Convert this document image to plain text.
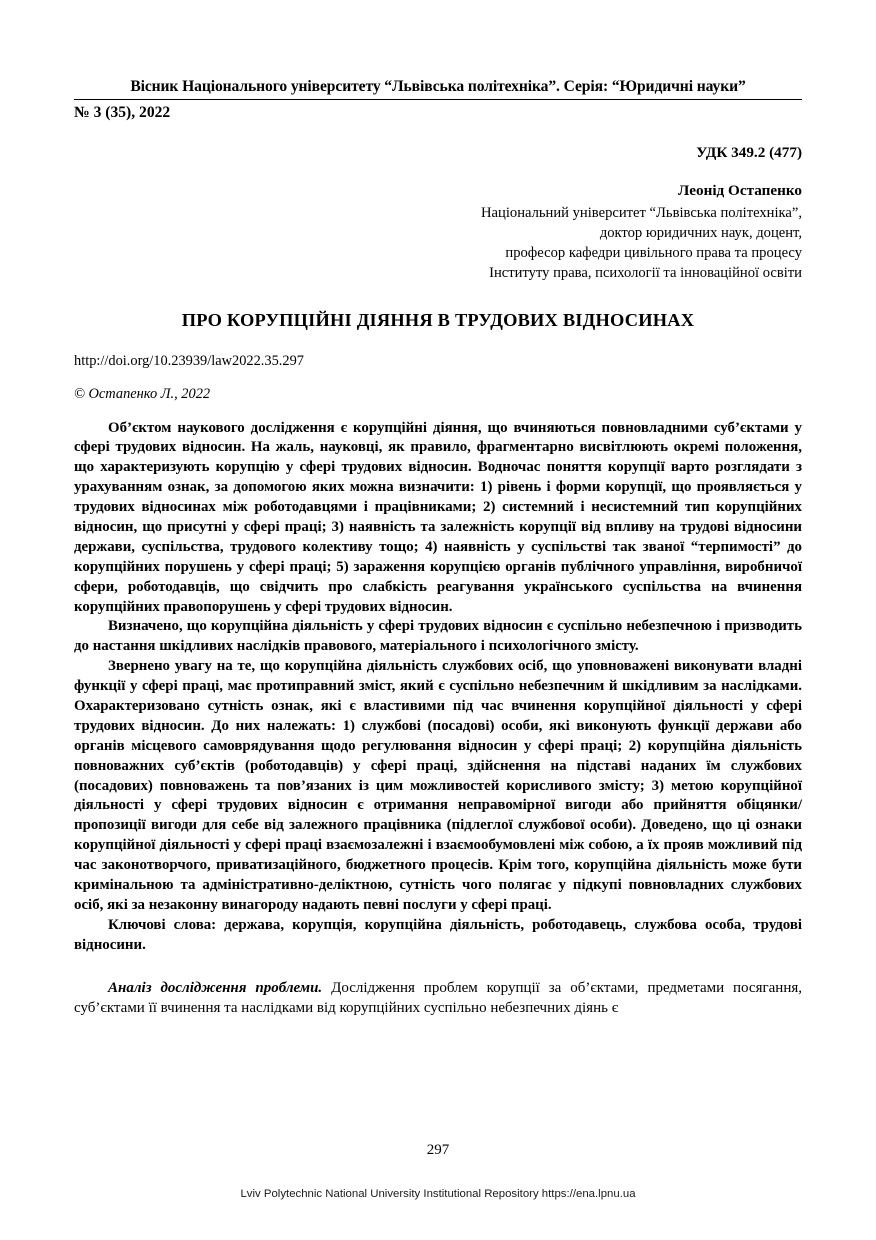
Вісник Національного університету “Львівська політехніка”. Серія: “Юридичні науки”
№ 3 (35), 2022
УДК 349.2 (477)
Леонід Остапенко
Національний університет “Львівська політехніка”,
доктор юридичних наук, доцент,
професор кафедри цивільного права та процесу
Інституту права, психології та інноваційної освіти
ПРО КОРУПЦІЙНІ ДІЯННЯ В ТРУДОВИХ ВІДНОСИНАХ
http://doi.org/10.23939/law2022.35.297
© Остапенко Л., 2022

Об’єктом наукового дослідження є корупційні діяння, що вчиняються повновладними суб’єктами у сфері трудових відносин. На жаль, науковці, як правило, фрагментарно висвітлюють окремі положення, що характеризують корупцію у сфері трудових відносин. Водночас поняття корупції варто розглядати з урахуванням ознак, за допомогою яких можна визначити: 1) рівень і форми корупції, що проявляється у трудових відносинах між роботодавцями і працівниками; 2) системний і несистемний тип корупційних відносин, що присутні у сфері праці; 3) наявність та залежність корупції від впливу на трудові відносини держави, суспільства, трудового колективу тощо; 4) наявність у суспільстві так званої “терпимості” до корупційних порушень у сфері праці; 5) зараження корупцією органів публічного управління, виробничої сфери, роботодавців, що свідчить про слабкість реагування українського суспільства на вчинення корупційних правопорушень у сфері трудових відносин.

Визначено, що корупційна діяльність у сфері трудових відносин є суспільно небезпечною і призводить до настання шкідливих наслідків правового, матеріального і психологічного змісту.

Звернено увагу на те, що корупційна діяльність службових осіб, що уповноважені виконувати владні функції у сфері праці, має протиправний зміст, який є суспільно небезпечним й шкідливим за наслідками. Охарактеризовано сутність ознак, які є властивими під час вчинення корупційної діяльності у сфері трудових відносин. До них належать: 1) службові (посадові) особи, які виконують функції держави або органів місцевого самоврядування щодо регулювання відносин у сфері праці; 2) корупційна діяльність повноважних суб’єктів (роботодавців) у сфері праці, здійснення на підставі наданих їм службових (посадових) повноважень та пов’язаних із цим можливостей корисливого змісту; 3) метою корупційної діяльності у сфері трудових відносин є отримання неправомірної вигоди або прийняття обіцянки/пропозиції вигоди для себе від залежного працівника (підлеглої службової особи). Доведено, що ці ознаки корупційної діяльності у сфері праці взаємозалежні і взаємообумовлені між собою, а їх прояв можливий під час законотворчого, приватизаційного, бюджетного процесів. Крім того, корупційна діяльність може бути кримінальною та адміністративно-деліктною, сутність чого полягає у підкупі повновладних службових осіб, які за незаконну винагороду надають певні послуги у сфері праці.

Ключові слова: держава, корупція, корупційна діяльність, роботодавець, службова особа, трудові відносини.

Аналіз дослідження проблеми. Дослідження проблем корупції за об’єктами, предметами посягання, суб’єктами її вчинення та наслідками від корупційних суспільно небезпечних діянь є

297
Lviv Polytechnic National University Institutional Repository https://ena.lpnu.ua
